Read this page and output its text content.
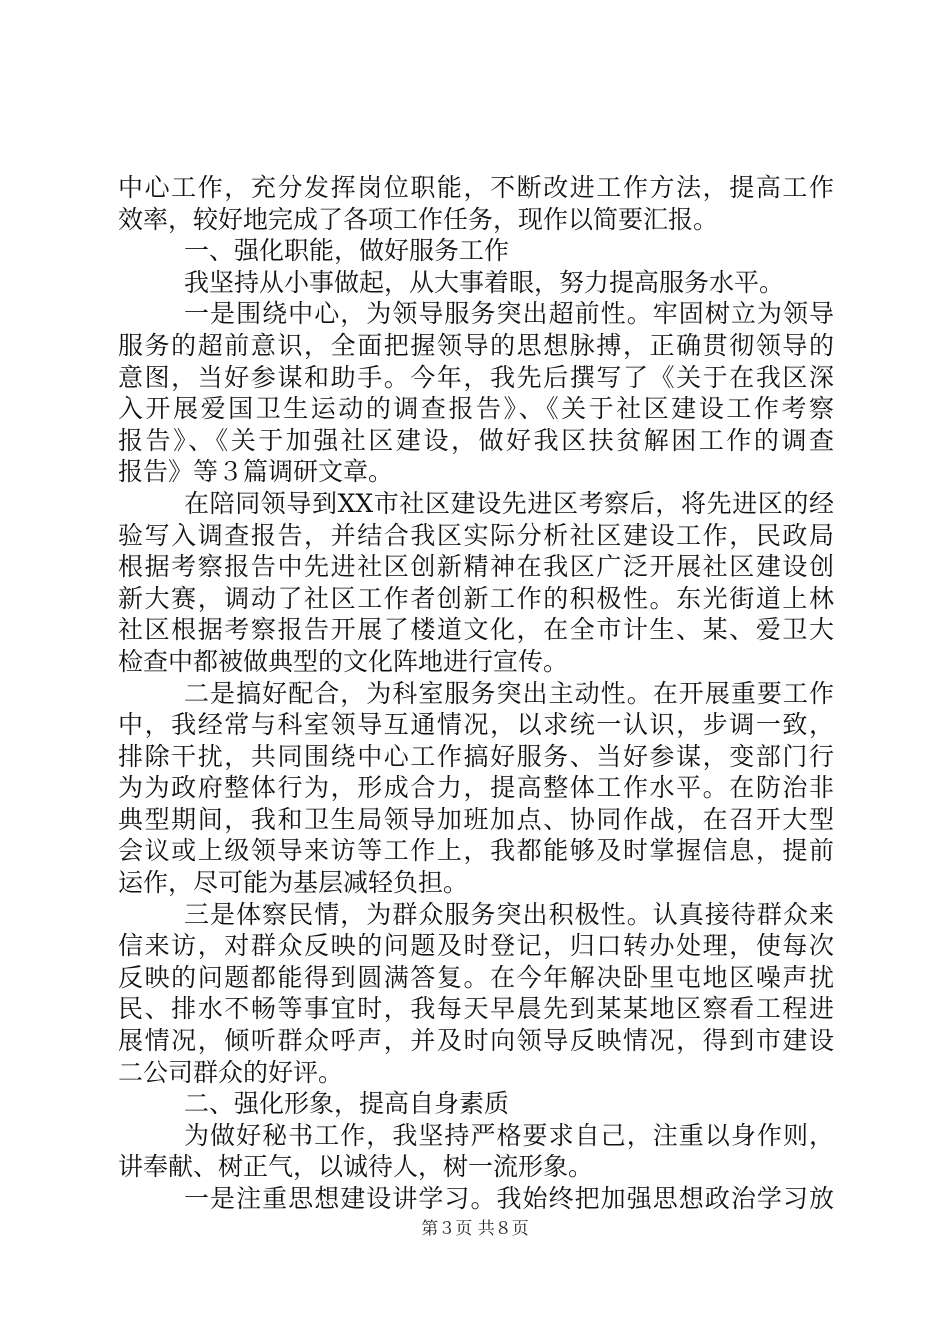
中心工作，充分发挥岗位职能，不断改进工作方法，提高工作
效率，较好地完成了各项工作任务，现作以简要汇报。
一、强化职能，做好服务工作
我坚持从小事做起，从大事着眼，努力提高服务水平。
一是围绕中心，为领导服务突出超前性。牢固树立为领导
服务的超前意识，全面把握领导的思想脉搏，正确贯彻领导的
意图，当好参谋和助手。今年，我先后撰写了《关于在我区深
入开展爱国卫生运动的调查报告》、《关于社区建设工作考察
报告》、《关于加强社区建设，做好我区扶贫解困工作的调查
报告》等３篇调研文章。
在陪同领导到XX市社区建设先进区考察后，将先进区的经
验写入调查报告，并结合我区实际分析社区建设工作，民政局
根据考察报告中先进社区创新精神在我区广泛开展社区建设创
新大赛，调动了社区工作者创新工作的积极性。东光街道上林
社区根据考察报告开展了楼道文化，在全市计生、某、爱卫大
检查中都被做典型的文化阵地进行宣传。
二是搞好配合，为科室服务突出主动性。在开展重要工作
中，我经常与科室领导互通情况，以求统一认识，步调一致，
排除干扰，共同围绕中心工作搞好服务、当好参谋，变部门行
为为政府整体行为，形成合力，提高整体工作水平。在防治非
典型期间，我和卫生局领导加班加点、协同作战，在召开大型
会议或上级领导来访等工作上，我都能够及时掌握信息，提前
运作，尽可能为基层减轻负担。
三是体察民情，为群众服务突出积极性。认真接待群众来
信来访，对群众反映的问题及时登记，归口转办处理，使每次
反映的问题都能得到圆满答复。在今年解决卧里屯地区噪声扰
民、排水不畅等事宜时，我每天早晨先到某某地区察看工程进
展情况，倾听群众呼声，并及时向领导反映情况，得到市建设
二公司群众的好评。
二、强化形象，提高自身素质
为做好秘书工作，我坚持严格要求自己，注重以身作则，
讲奉献、树正气，以诚待人，树一流形象。
一是注重思想建设讲学习。我始终把加强思想政治学习放
第３页 共８页
